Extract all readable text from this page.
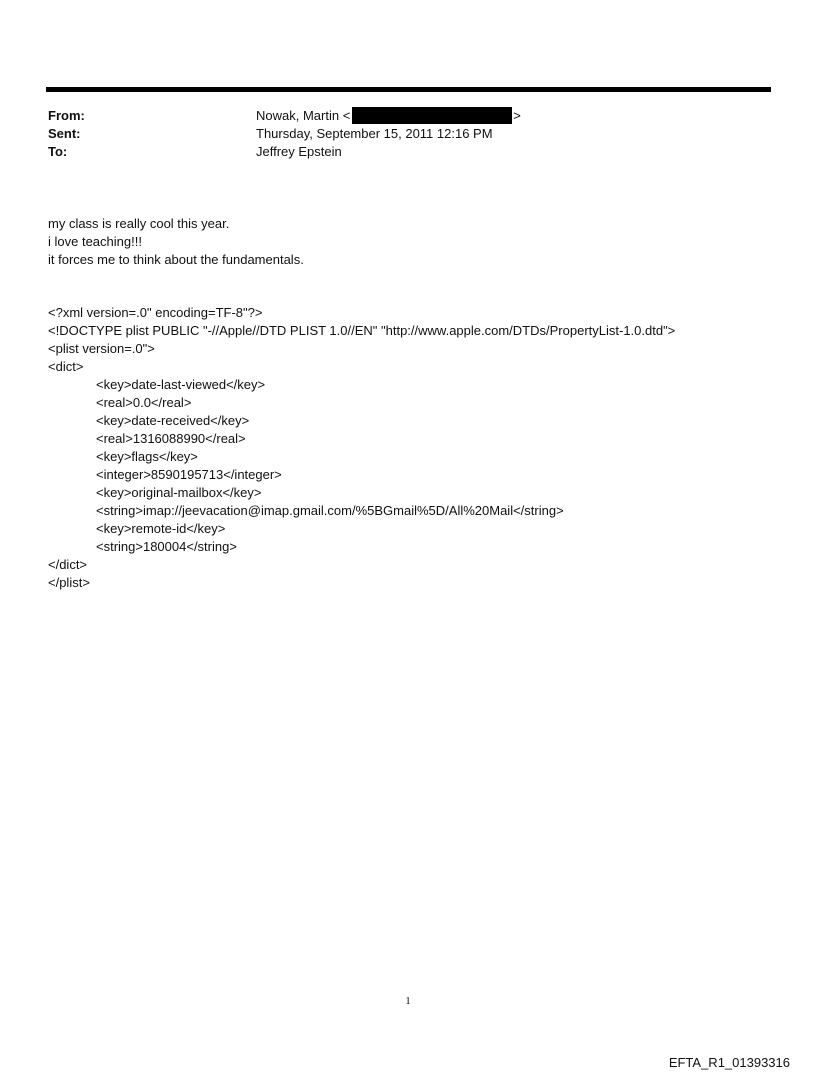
From:	Nowak, Martin <	>
Sent:	Thursday, September 15, 2011 12:16 PM
To:	Jeffrey Epstein
my class is really cool this year.
i love teaching!!!
it forces me to think about the fundamentals.
<?xml version=.0" encoding=TF-8"?>
<!DOCTYPE plist PUBLIC "-//Apple//DTD PLIST 1.0//EN" "http://www.apple.com/DTDs/PropertyList-1.0.dtd">
<plist version=.0">
<dict>
<key>date-last-viewed</key>
<real>0.0</real>
<key>date-received</key>
<real>1316088990</real>
<key>flags</key>
<integer>8590195713</integer>
<key>original-mailbox</key>
<string>imap://jeevacation@imap.gmail.com/%5BGmail%5D/All%20Mail</string>
<key>remote-id</key>
<string>180004</string>
</dict>
</plist>
1
EFTA_R1_01393316
